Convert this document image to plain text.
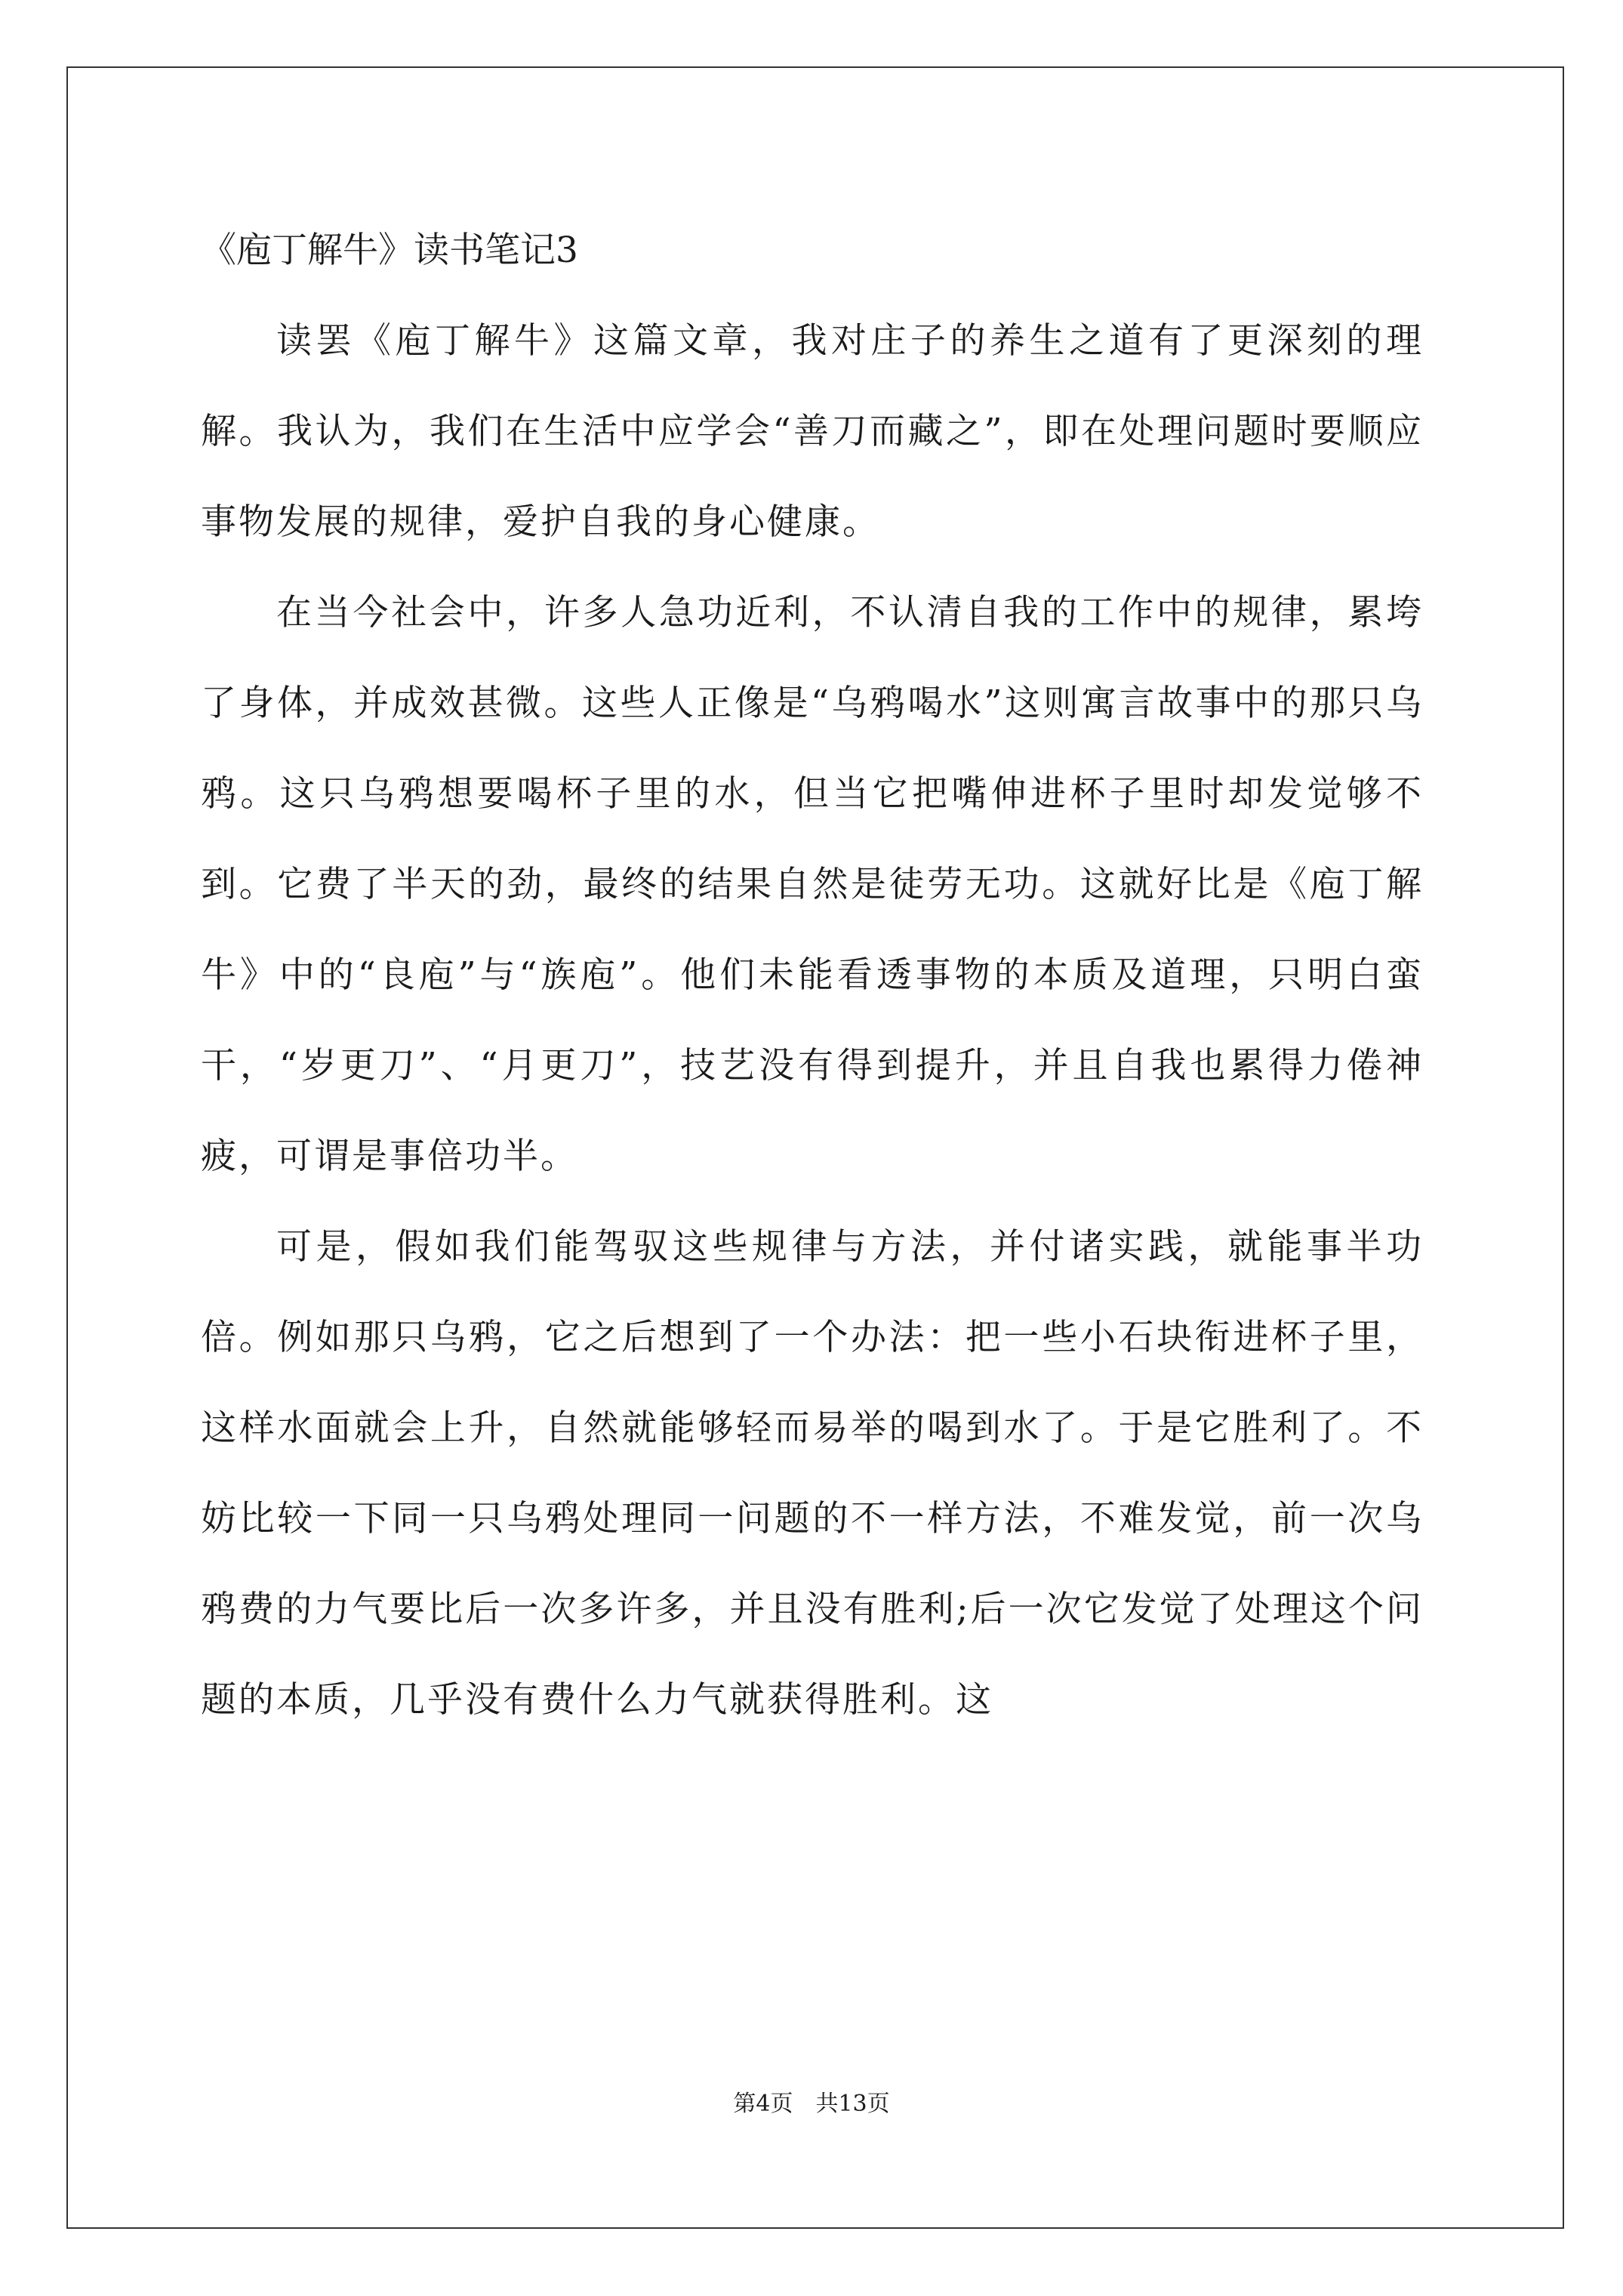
《庖丁解牛》读书笔记3

读罢《庖丁解牛》这篇文章，我对庄子的养生之道有了更深刻的理解。我认为，我们在生活中应学会“善刀而藏之”，即在处理问题时要顺应事物发展的规律，爱护自我的身心健康。

在当今社会中，许多人急功近利，不认清自我的工作中的规律，累垮了身体，并成效甚微。这些人正像是“乌鸦喝水”这则寓言故事中的那只乌鸦。这只乌鸦想要喝杯子里的水，但当它把嘴伸进杯子里时却发觉够不到。它费了半天的劲，最终的结果自然是徒劳无功。这就好比是《庖丁解牛》中的“良庖”与“族庖”。他们未能看透事物的本质及道理，只明白蛮干，“岁更刀”、“月更刀”，技艺没有得到提升，并且自我也累得力倦神疲，可谓是事倍功半。

可是，假如我们能驾驭这些规律与方法，并付诸实践，就能事半功倍。例如那只乌鸦，它之后想到了一个办法：把一些小石块衔进杯子里，这样水面就会上升，自然就能够轻而易举的喝到水了。于是它胜利了。不妨比较一下同一只乌鸦处理同一问题的不一样方法，不难发觉，前一次乌鸦费的力气要比后一次多许多，并且没有胜利;后一次它发觉了处理这个问题的本质，几乎没有费什么力气就获得胜利。这

第4页　共13页
